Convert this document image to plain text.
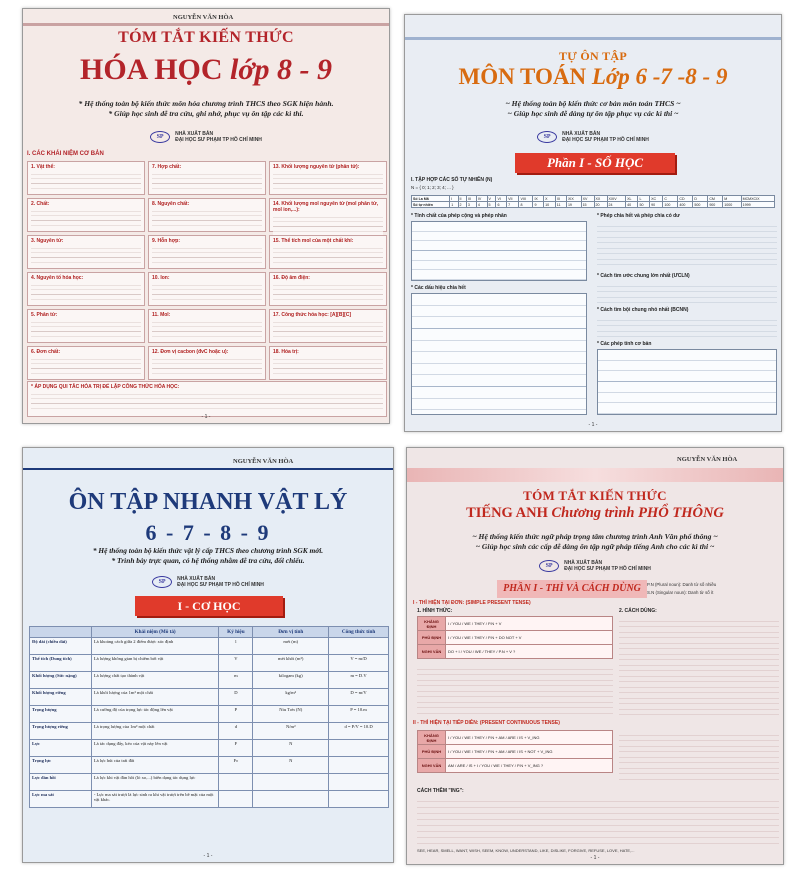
NGUYỄN VĂN HÒA
TÓM TẮT KIẾN THỨC
HÓA HỌC lớp 8 - 9
* Hệ thống toàn bộ kiến thức môn hóa chương trình THCS theo SGK hiện hành.
* Giúp học sinh dễ tra cứu, ghi nhớ, phục vụ ôn tập các kì thi.
SP	NHÀ XUẤT BẢN
ĐẠI HỌC SƯ PHẠM TP HỒ CHÍ MINH
I. CÁC KHÁI NIỆM CƠ BẢN
1. Vật thể:	7. Hợp chất:	13. Khối lượng nguyên tử (phân tử):
2. Chất:	8. Nguyên chất:	14. Khối lượng mol nguyên tử (mol phân tử, mol ion,...):
3. Nguyên tử:	9. Hỗn hợp:	15. Thể tích mol của một chất khí:
4. Nguyên tố hóa học:	10. Ion:	16. Độ âm điện:
5. Phân tử:	11. Mol:	17. Công thức hóa học: [A][B][C]
6. Đơn chất:	12. Đơn vị cacbon (đvC hoặc u):	18. Hóa trị:
* ÁP DỤNG QUI TẮC HÓA TRỊ ĐỂ LẬP CÔNG THỨC HÓA HỌC:
- 1 -
TỰ ÔN TẬP
MÔN TOÁN Lớp 6 -7 -8 - 9
~ Hệ thống toàn bộ kiến thức cơ bản môn toán THCS ~
~ Giúp học sinh dễ dàng tự ôn tập phục vụ các kì thi ~
SP	NHÀ XUẤT BẢN
ĐẠI HỌC SƯ PHẠM TP HỒ CHÍ MINH
Phần I - SỐ HỌC
I. TẬP HỢP CÁC SỐ TỰ NHIÊN (N)
N = { 0; 1; 2; 3; 4; ... }
Số La Mã	I	II	III	IV	V	VI	VII	VIII	IX	X	XI	XIX	XV	XX	XXIV	XL	L	XC	C	CD	D	CM	M	MCMXCIX
Số tự nhiên	1	2	3	4	5	6	7	8	9	10	11	19	15	20	24	40	50	90	100	400	500	900	1000	1999
* Tính chất của phép cộng và phép nhân
* Các dấu hiệu chia hết
* Phép chia hết và phép chia có dư
* Cách tìm ước chung lớn nhất (ƯCLN)
* Cách tìm bội chung nhỏ nhất (BCNN)
* Các phép tính cơ bản
- 1 -
NGUYỄN VĂN HÒA
ÔN TẬP NHANH VẬT LÝ
6 - 7 - 8 - 9
* Hệ thống toàn bộ kiến thức vật lý cấp THCS theo chương trình SGK mới.
* Trình bày trực quan, có hệ thống nhằm dễ tra cứu, đối chiếu.
SP	NHÀ XUẤT BẢN
ĐẠI HỌC SƯ PHẠM TP HỒ CHÍ MINH
I - CƠ HỌC
	Khái niệm (Mô tả)	Ký hiệu	Đơn vị tính	Công thức tính
Độ dài (chiều dài)	Là khoảng cách giữa 2 điểm được xác định	l	mét (m)	
Thể tích (Dung tích)	Là lượng không gian bị chiếm bởi vật	V	mét khối (m³)	V = m/D
Khối lượng (Sức nặng)	Là lượng chất tạo thành vật	m	kilogam (kg)	m = D.V
Khối lượng riêng	Là khối lượng của 1m³ một chất	D	kg/m³	D = m/V
Trọng lượng	Là cường độ của trọng lực tác động lên vật	P	Niu Tơn (N)	P = 10.m
Trọng lượng riêng	Là trọng lượng của 1m³ một chất	d	N/m³	d = P/V = 10.D
Lực	Là tác dụng đẩy, kéo của vật này lên vật	F	N	
Trọng lực	Là lực hút của trái đất	Fₕ	N	
Lực đàn hồi	Là lực khi vật đàn hồi (lò xo,...) biến dạng tác dụng lực			
Lực ma sát	- Lực ma sát trượt là lực sinh ra khi vật trượt trên bề mặt của một vật khác.			
- 1 -
NGUYỄN VĂN HÒA
TÓM TẮT KIẾN THỨC
TIẾNG ANH Chương trình PHỔ THÔNG
~ Hệ thống kiến thức ngữ pháp trọng tâm chương trình Anh Văn phổ thông ~
~ Giúp học sinh các cấp dễ dàng ôn tập ngữ pháp tiếng Anh cho các kì thi ~
SP	NHÀ XUẤT BẢN
ĐẠI HỌC SƯ PHẠM TP HỒ CHÍ MINH
PHẦN I - THÌ VÀ CÁCH DÙNG	P.N (Plural noun): Danh từ số nhiều
S.N (Singular noun): Danh từ số ít
I - THÌ HIỆN TẠI ĐƠN: (SIMPLE PRESENT TENSE)
1. HÌNH THỨC:	2. CÁCH DÙNG:
KHẲNG ĐỊNH	I / YOU / WE / THEY / P.N + V
PHỦ ĐỊNH	I / YOU / WE / THEY / P.N + DO NOT + V
NGHI VẤN	DO + I / YOU / WE / THEY / P.N + V ?
II - THÌ HIỆN TẠI TIẾP DIỄN: (PRESENT CONTINUOUS TENSE)
KHẲNG ĐỊNH	I / YOU / WE / THEY / P.N + AM / ARE / IS + V_ING
PHỦ ĐỊNH	I / YOU / WE / THEY / P.N + AM / ARE / IS + NOT + V_ING
NGHI VẤN	AM / ARE / IS + I / YOU / WE / THEY / P.N + V_ING ?
CÁCH THÊM "ING":
SEE, HEAR, SMELL, WANT, WISH, SEEM, KNOW, UNDERSTAND, LIKE, DISLIKE, FORGIVE, REFUSE, LOVE, HATE,...
- 1 -
